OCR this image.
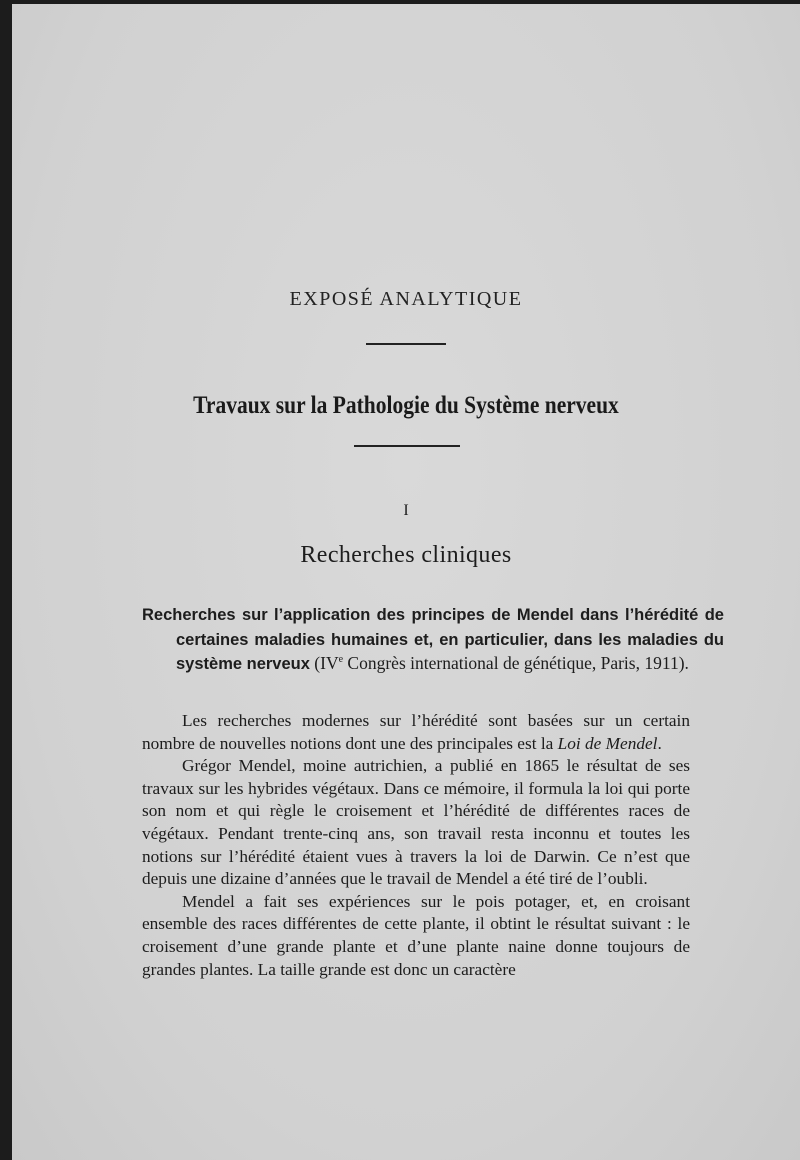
EXPOSÉ ANALYTIQUE
Travaux sur la Pathologie du Système nerveux
I
Recherches cliniques
Recherches sur l’application des principes de Mendel dans l’hérédité de certaines maladies humaines et, en particulier, dans les maladies du système nerveux (IVe Congrès international de génétique, Paris, 1911).

Les recherches modernes sur l’hérédité sont basées sur un certain nombre de nouvelles notions dont une des principales est la Loi de Mendel.

Grégor Mendel, moine autrichien, a publié en 1865 le résultat de ses travaux sur les hybrides végétaux. Dans ce mémoire, il formula la loi qui porte son nom et qui règle le croisement et l’hérédité de différentes races de végétaux. Pendant trente-cinq ans, son travail resta inconnu et toutes les notions sur l’hérédité étaient vues à travers la loi de Darwin. Ce n’est que depuis une dizaine d’années que le travail de Mendel a été tiré de l’oubli.

Mendel a fait ses expériences sur le pois potager, et, en croisant ensemble des races différentes de cette plante, il obtint le résultat suivant : le croisement d’une grande plante et d’une plante naine donne toujours de grandes plantes. La taille grande est donc un caractère
